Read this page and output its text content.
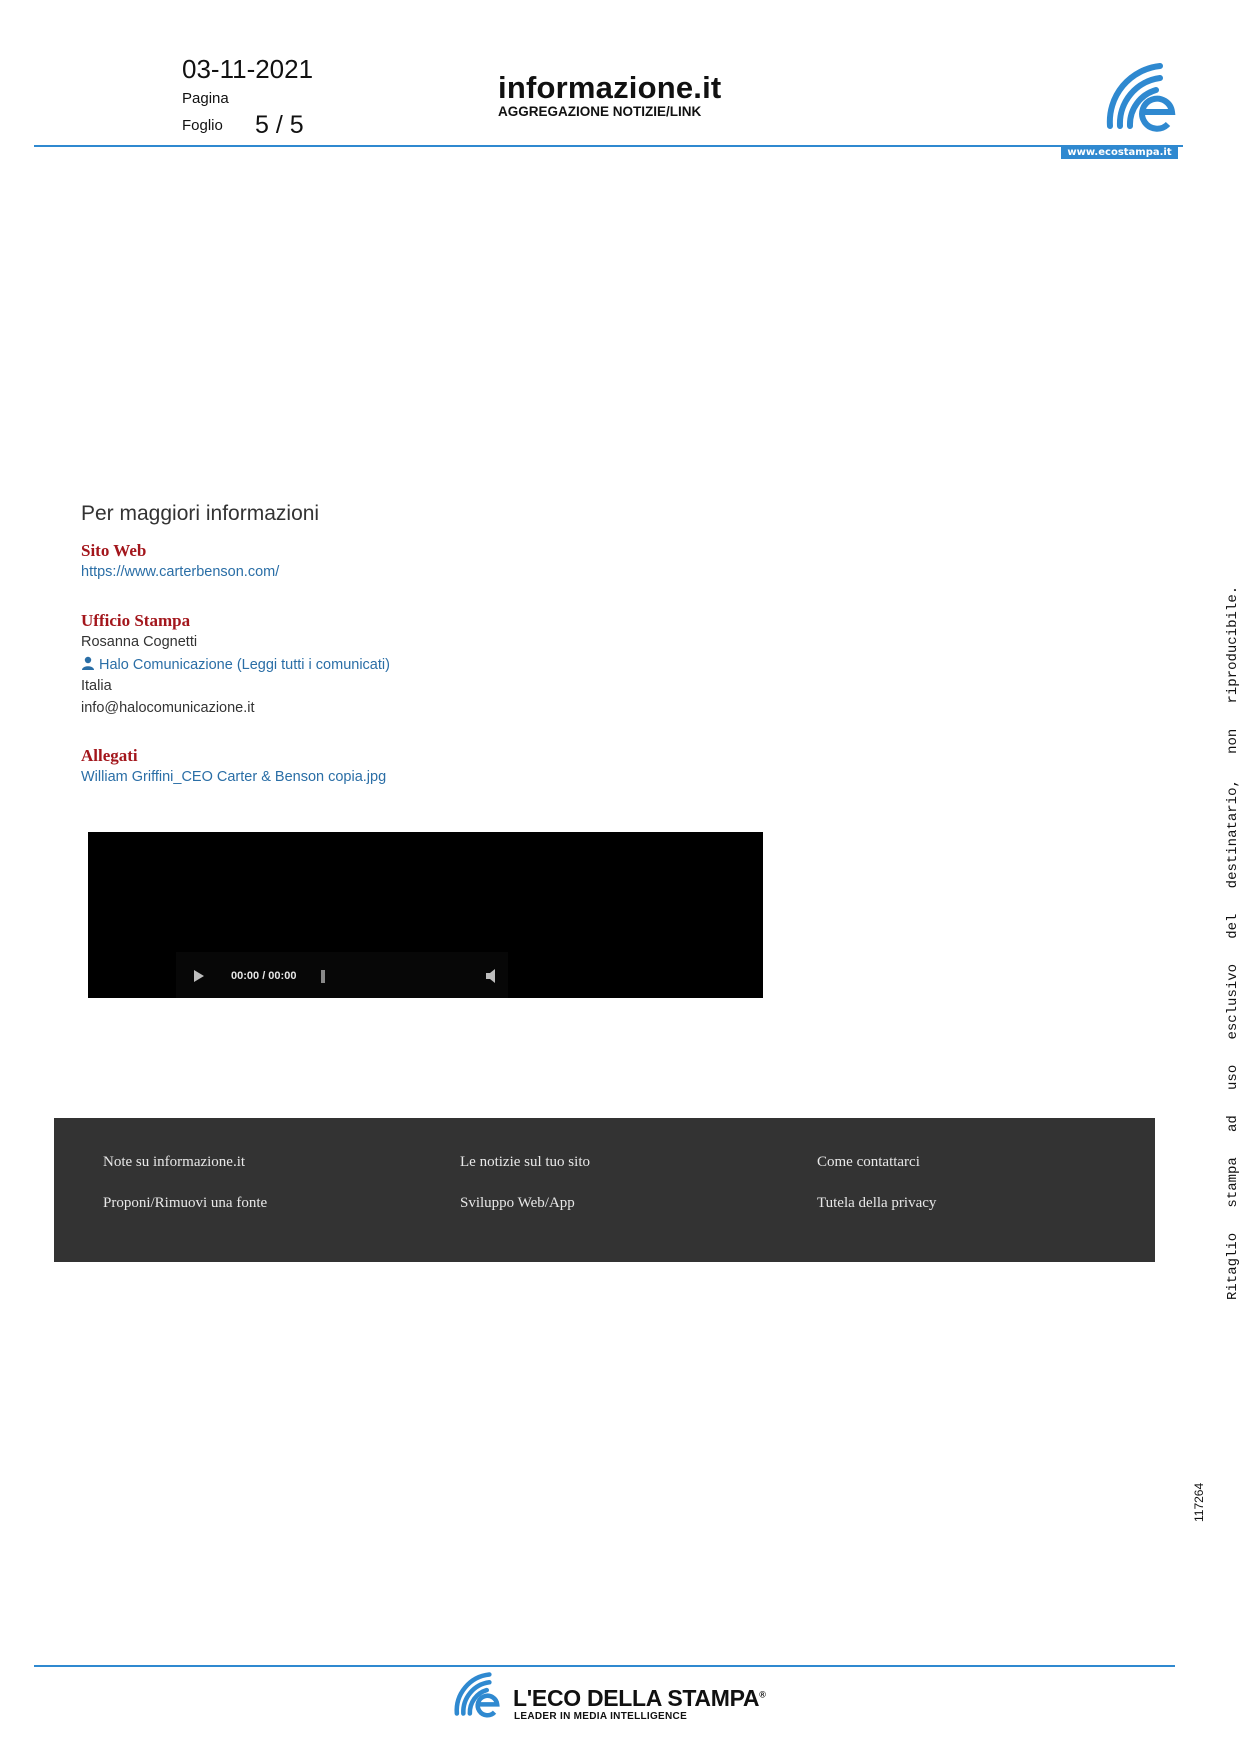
03-11-2021
Pagina
Foglio 5 / 5
informazione.it
AGGREGAZIONE NOTIZIE/LINK
www.ecostampa.it
Per maggiori informazioni
Sito Web
https://www.carterbenson.com/
Ufficio Stampa
Rosanna Cognetti
Halo Comunicazione (Leggi tutti i comunicati)
Italia
info@halocomunicazione.it
Allegati
William Griffini_CEO Carter & Benson copia.jpg
00:00 / 00:00
Note su informazione.it	Le notizie sul tuo sito	Come contattarci
Proponi/Rimuovi una fonte	Sviluppo Web/App	Tutela della privacy	Ritaglio   stampa   ad   uso   esclusivo   del   destinatario,   non   riproducibile.
117264
L'ECO DELLA STAMPA®
LEADER IN MEDIA INTELLIGENCE
